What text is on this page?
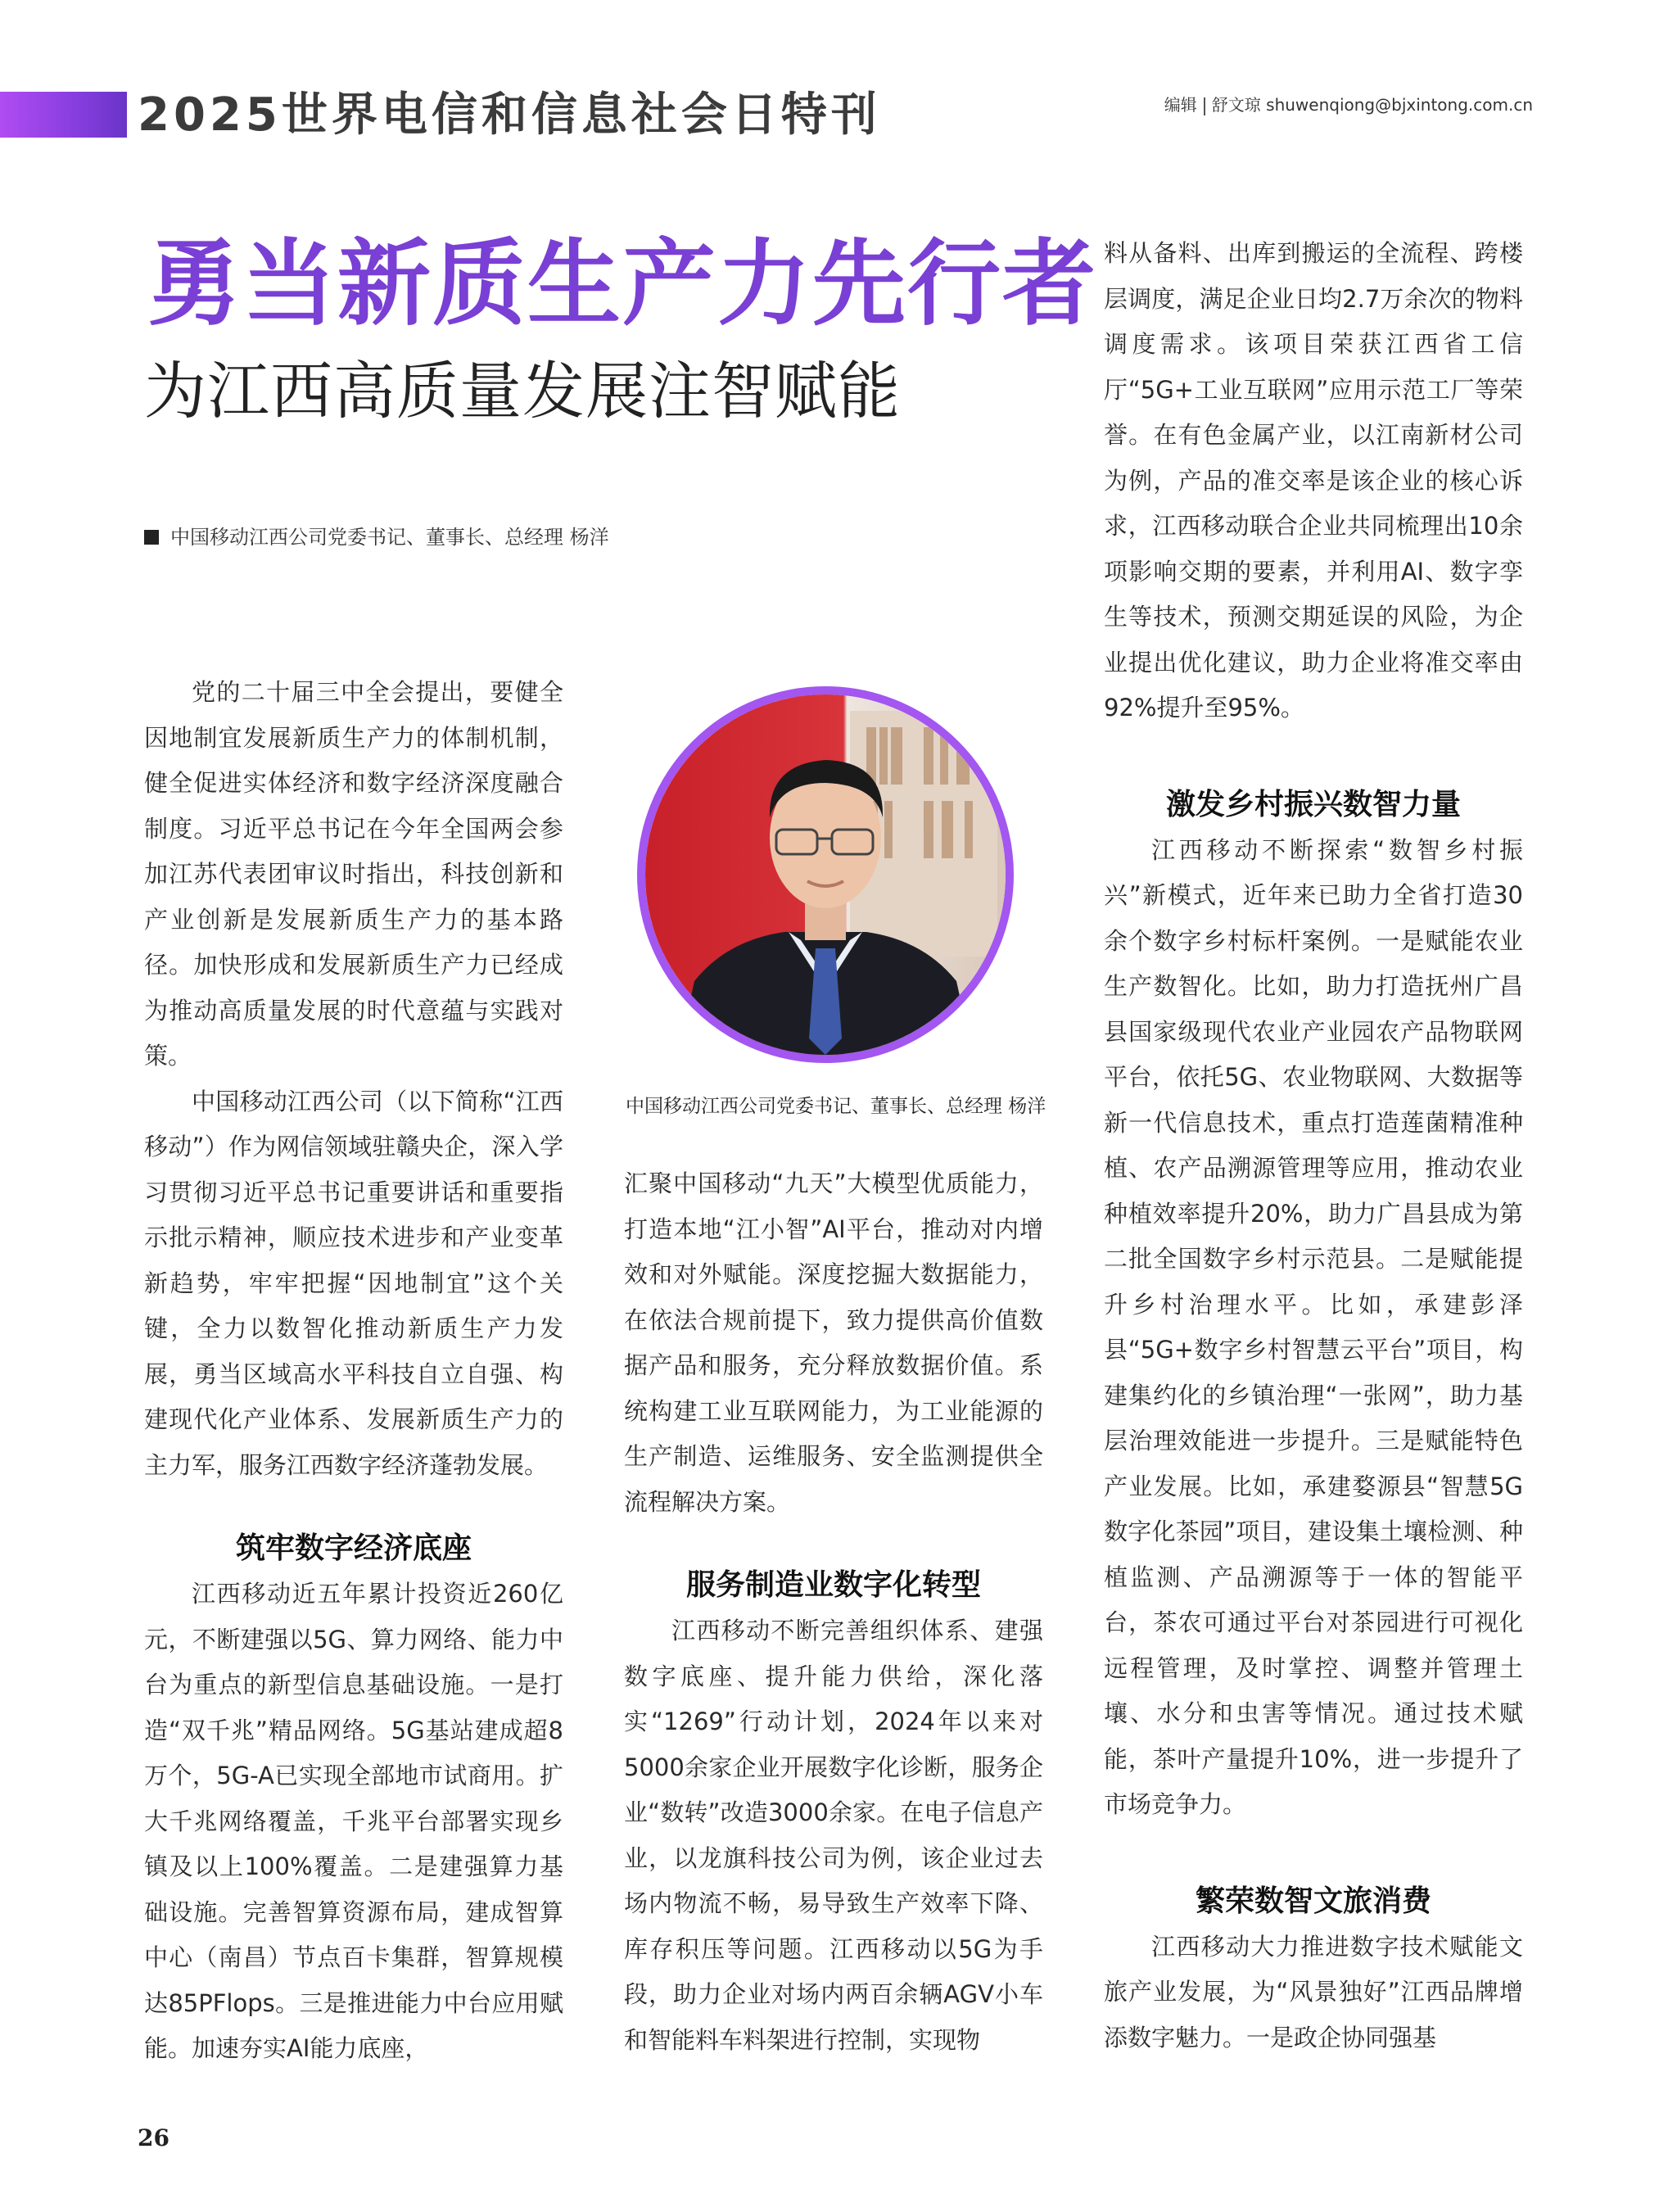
2025世界电信和信息社会日特刊	编辑 舒文琼 shuwenqiong@bjxintong.com.cn
勇当新质生产力先行者
为江西高质量发展注智赋能
中国移动江西公司党委书记、董事长、总经理 杨洋

党的二十届三中全会提出，要健全因地制宜发展新质生产力的体制机制，健全促进实体经济和数字经济深度融合制度。习近平总书记在今年全国两会参加江苏代表团审议时指出，科技创新和产业创新是发展新质生产力的基本路径。加快形成和发展新质生产力已经成为推动高质量发展的时代意蕴与实践对策。

中国移动江西公司（以下简称“江西移动”）作为网信领域驻赣央企，深入学习贯彻习近平总书记重要讲话和重要指示批示精神，顺应技术进步和产业变革新趋势，牢牢把握“因地制宜”这个关键，全力以数智化推动新质生产力发展，勇当区域高水平科技自立自强、构建现代化产业体系、发展新质生产力的主力军，服务江西数字经济蓬勃发展。

筑牢数字经济底座

江西移动近五年累计投资近260亿元，不断建强以5G、算力网络、能力中台为重点的新型信息基础设施。一是打造“双千兆”精品网络。5G基站建成超8万个，5G-A已实现全部地市试商用。扩大千兆网络覆盖，千兆平台部署实现乡镇及以上100%覆盖。二是建强算力基础设施。完善智算资源布局，建成智算中心（南昌）节点百卡集群，智算规模达85PFlops。三是推进能力中台应用赋能。加速夯实AI能力底座，

中国移动江西公司党委书记、董事长、总经理 杨洋

汇聚中国移动“九天”大模型优质能力，打造本地“江小智”AI平台，推动对内增效和对外赋能。深度挖掘大数据能力，在依法合规前提下，致力提供高价值数据产品和服务，充分释放数据价值。系统构建工业互联网能力，为工业能源的生产制造、运维服务、安全监测提供全流程解决方案。

服务制造业数字化转型

江西移动不断完善组织体系、建强数字底座、提升能力供给，深化落实“1269”行动计划，2024年以来对5000余家企业开展数字化诊断，服务企业“数转”改造3000余家。在电子信息产业，以龙旗科技公司为例，该企业过去场内物流不畅，易导致生产效率下降、库存积压等问题。江西移动以5G为手段，助力企业对场内两百余辆AGV小车和智能料车料架进行控制，实现物

料从备料、出库到搬运的全流程、跨楼层调度，满足企业日均2.7万余次的物料调度需求。该项目荣获江西省工信厅“5G+工业互联网”应用示范工厂等荣誉。在有色金属产业，以江南新材公司为例，产品的准交率是该企业的核心诉求，江西移动联合企业共同梳理出10余项影响交期的要素，并利用AI、数字孪生等技术，预测交期延误的风险，为企业提出优化建议，助力企业将准交率由92%提升至95%。

激发乡村振兴数智力量

江西移动不断探索“数智乡村振兴”新模式，近年来已助力全省打造30余个数字乡村标杆案例。一是赋能农业生产数智化。比如，助力打造抚州广昌县国家级现代农业产业园农产品物联网平台，依托5G、农业物联网、大数据等新一代信息技术，重点打造莲菌精准种植、农产品溯源管理等应用，推动农业种植效率提升20%，助力广昌县成为第二批全国数字乡村示范县。二是赋能提升乡村治理水平。比如，承建彭泽县“5G+数字乡村智慧云平台”项目，构建集约化的乡镇治理“一张网”，助力基层治理效能进一步提升。三是赋能特色产业发展。比如，承建婺源县“智慧5G数字化茶园”项目，建设集土壤检测、种植监测、产品溯源等于一体的智能平台，茶农可通过平台对茶园进行可视化远程管理，及时掌控、调整并管理土壤、水分和虫害等情况。通过技术赋能，茶叶产量提升10%，进一步提升了市场竞争力。

繁荣数智文旅消费

江西移动大力推进数字技术赋能文旅产业发展，为“风景独好”江西品牌增添数字魅力。一是政企协同强基

26
